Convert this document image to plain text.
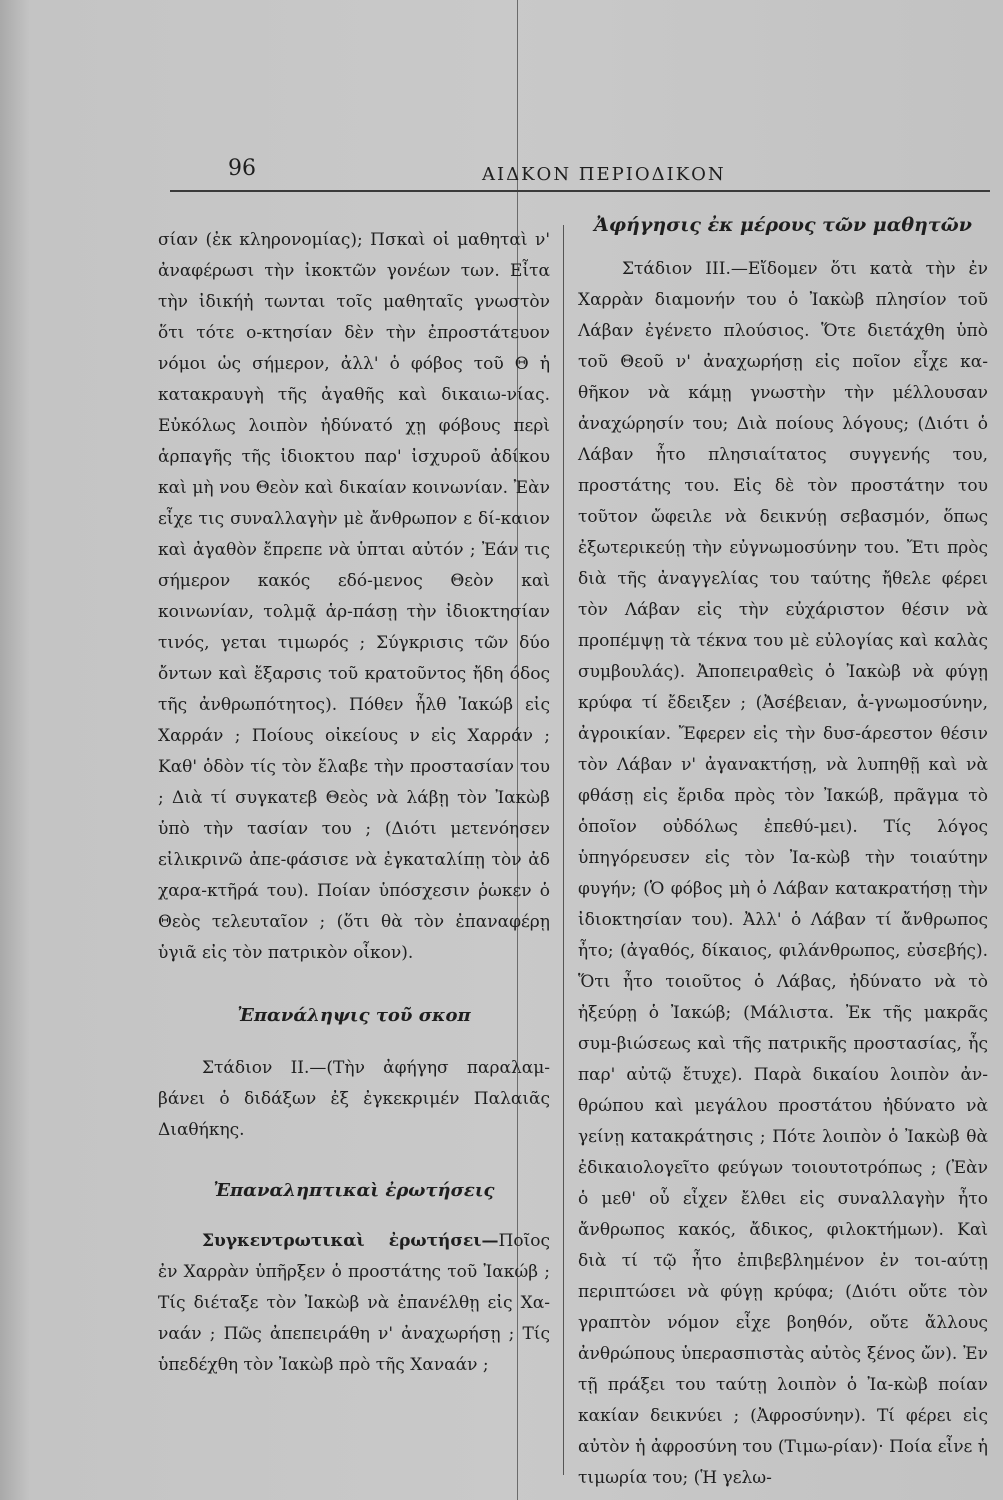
96	ΑΙΔΚΟΝ ΠΕΡΙΟΔΙΚΟΝ

σίαν (ἐκ κληρονομίας); Πσκαὶ οἱ μαθηταὶ ν' ἀναφέρωσι τὴν ἰκοκτῶν γονέων των. Εἶτα τὴν ἰδικήἠ τωνται τοῖς μαθηταῖς γνωστὸν ὅτι τότε ο-κτησίαν δὲν τὴν ἐπροστάτευον νόμοι ὡς σήμερον, ἀλλ' ὁ φόβος τοῦ Θ ἡ κατακραυγὴ τῆς ἀγαθῆς καὶ δικαιω-νίας. Εὐκόλως λοιπὸν ἠδύνατό χῃ φόβους περὶ ἁρπαγῆς τῆς ἰδιοκτου παρ' ἰσχυροῦ ἀδίκου καὶ μὴ νου Θεὸν καὶ δικαίαν κοινωνίαν. Ἐὰν εἶχε τις συναλλαγὴν μὲ ἄνθρωπον ε δί-καιον καὶ ἀγαθὸν ἔπρεπε νὰ ὑπται αὐτόν ; Ἐάν τις σήμερον κακός εδό-μενος Θεὸν καὶ κοινωνίαν, τολμᾷ ἁρ-πάσῃ τὴν ἰδιοκτησίαν τινός, γεται τιμωρός ; Σύγκρισις τῶν δύο ὄντων καὶ ἔξαρσις τοῦ κρατοῦντος ἤδη όδος τῆς ἀνθρωπότητος). Πόθεν ἦλθ Ἰακώβ εἰς Χαρράν ; Ποίους οἰκείους ν εἰς Χαρράν ; Καθ' ὁδὸν τίς τὸν ἔλαβε τὴν προστασίαν του ; Διὰ τί συγκατεβ Θεὸς νὰ λάβῃ τὸν Ἰακὼβ ὑπὸ τὴν τασίαν του ; (Διότι μετενόησεν εἰλικρινῶ ἀπε-φάσισε νὰ ἐγκαταλίπῃ τὸν ἀδ χαρα-κτῆρά του). Ποίαν ὑπόσχεσιν ῥωκεν ὁ Θεὸς τελευταῖον ; (ὅτι θὰ τὸν ἐπαναφέρῃ ὑγιᾶ εἰς τὸν πατρικὸν οἶκον).

Ἐπανάληψις τοῦ σκοπ

Στάδιον ΙΙ.—(Τὴν ἀφήγησ παραλαμ-βάνει ὁ διδάξων ἐξ ἐγκεκριμέν Παλαιᾶς Διαθήκης.

Ἐπαναληπτικαὶ ἐρωτήσεις

Συγκεντρωτικαὶ ἐρωτήσει—Ποῖος ἐν Χαρρὰν ὑπῆρξεν ὁ προστάτης τοῦ Ἰακώβ ; Τίς διέταξε τὸν Ἰακὼβ νὰ ἐπανέλθῃ εἰς Χα-ναάν ; Πῶς ἀπεπειράθη ν' ἀναχωρήσῃ ; Τίς ὑπεδέχθη τὸν Ἰακὼβ πρὸ τῆς Χαναάν ;

Ἀφήγησις ἐκ μέρους τῶν μαθητῶν

Στάδιον ΙΙΙ.—Εἴδομεν ὅτι κατὰ τὴν ἐν Χαρρὰν διαμονήν του ὁ Ἰακὼβ πλησίον τοῦ Λάβαν ἐγένετο πλούσιος. Ὅτε διετάχθη ὑπὸ τοῦ Θεοῦ ν' ἀναχωρήσῃ εἰς ποῖον εἶχε κα-θῆκον νὰ κάμῃ γνωστὴν τὴν μέλλουσαν ἀναχώρησίν του; Διὰ ποίους λόγους; (Διότι ὁ Λάβαν ἦτο πλησιαίτατος συγγενής του, προστάτης του. Εἰς δὲ τὸν προστάτην του τοῦτον ὤφειλε νὰ δεικνύῃ σεβασμόν, ὅπως ἐξωτερικεύῃ τὴν εὐγνωμοσύνην του. Ἔτι πρὸς διὰ τῆς ἀναγγελίας του ταύτης ἤθελε φέρει τὸν Λάβαν εἰς τὴν εὐχάριστον θέσιν νὰ προπέμψῃ τὰ τέκνα του μὲ εὐλογίας καὶ καλὰς συμβουλάς). Ἀποπειραθεὶς ὁ Ἰακὼβ νὰ φύγῃ κρύφα τί ἔδειξεν ; (Ἀσέβειαν, ἀ-γνωμοσύνην, ἀγροικίαν. Ἔφερεν εἰς τὴν δυσ-άρεστον θέσιν τὸν Λάβαν ν' ἀγανακτήσῃ, νὰ λυπηθῇ καὶ νὰ φθάσῃ εἰς ἔριδα πρὸς τὸν Ἰακώβ, πρᾶγμα τὸ ὁποῖον οὐδόλως ἐπεθύ-μει). Τίς λόγος ὑπηγόρευσεν εἰς τὸν Ἰα-κὼβ τὴν τοιαύτην φυγήν; (Ὁ φόβος μὴ ὁ Λάβαν κατακρατήσῃ τὴν ἰδιοκτησίαν του). Ἀλλ' ὁ Λάβαν τί ἄνθρωπος ἦτο; (ἀγαθός, δίκαιος, φιλάνθρωπος, εὐσεβής). Ὅτι ἦτο τοιοῦτος ὁ Λάβας, ἠδύνατο νὰ τὸ ἠξεύρῃ ὁ Ἰακώβ; (Μάλιστα. Ἐκ τῆς μακρᾶς συμ-βιώσεως καὶ τῆς πατρικῆς προστασίας, ἧς παρ' αὐτῷ ἔτυχε). Παρὰ δικαίου λοιπὸν ἀν-θρώπου καὶ μεγάλου προστάτου ἠδύνατο νὰ γείνῃ κατακράτησις ; Πότε λοιπὸν ὁ Ἰακὼβ θὰ ἐδικαιολογεῖτο φεύγων τοιουτοτρόπως ; (Ἐὰν ὁ μεθ' οὗ εἶχεν ἔλθει εἰς συναλλαγὴν ἦτο ἄνθρωπος κακός, ἄδικος, φιλοκτήμων). Καὶ διὰ τί τῷ ἦτο ἐπιβεβλημένον ἐν τοι-αύτῃ περιπτώσει νὰ φύγῃ κρύφα; (Διότι οὔτε τὸν γραπτὸν νόμον εἶχε βοηθόν, οὔτε ἄλλους ἀνθρώπους ὑπερασπιστὰς αὐτὸς ξένος ὤν). Ἐν τῇ πράξει του ταύτῃ λοιπὸν ὁ Ἰα-κὼβ ποίαν κακίαν δεικνύει ; (Ἀφροσύνην). Τί φέρει εἰς αὐτὸν ἡ ἀφροσύνη του (Τιμω-ρίαν)· Ποία εἶνε ἡ τιμωρία του; (Ἡ γελω-
